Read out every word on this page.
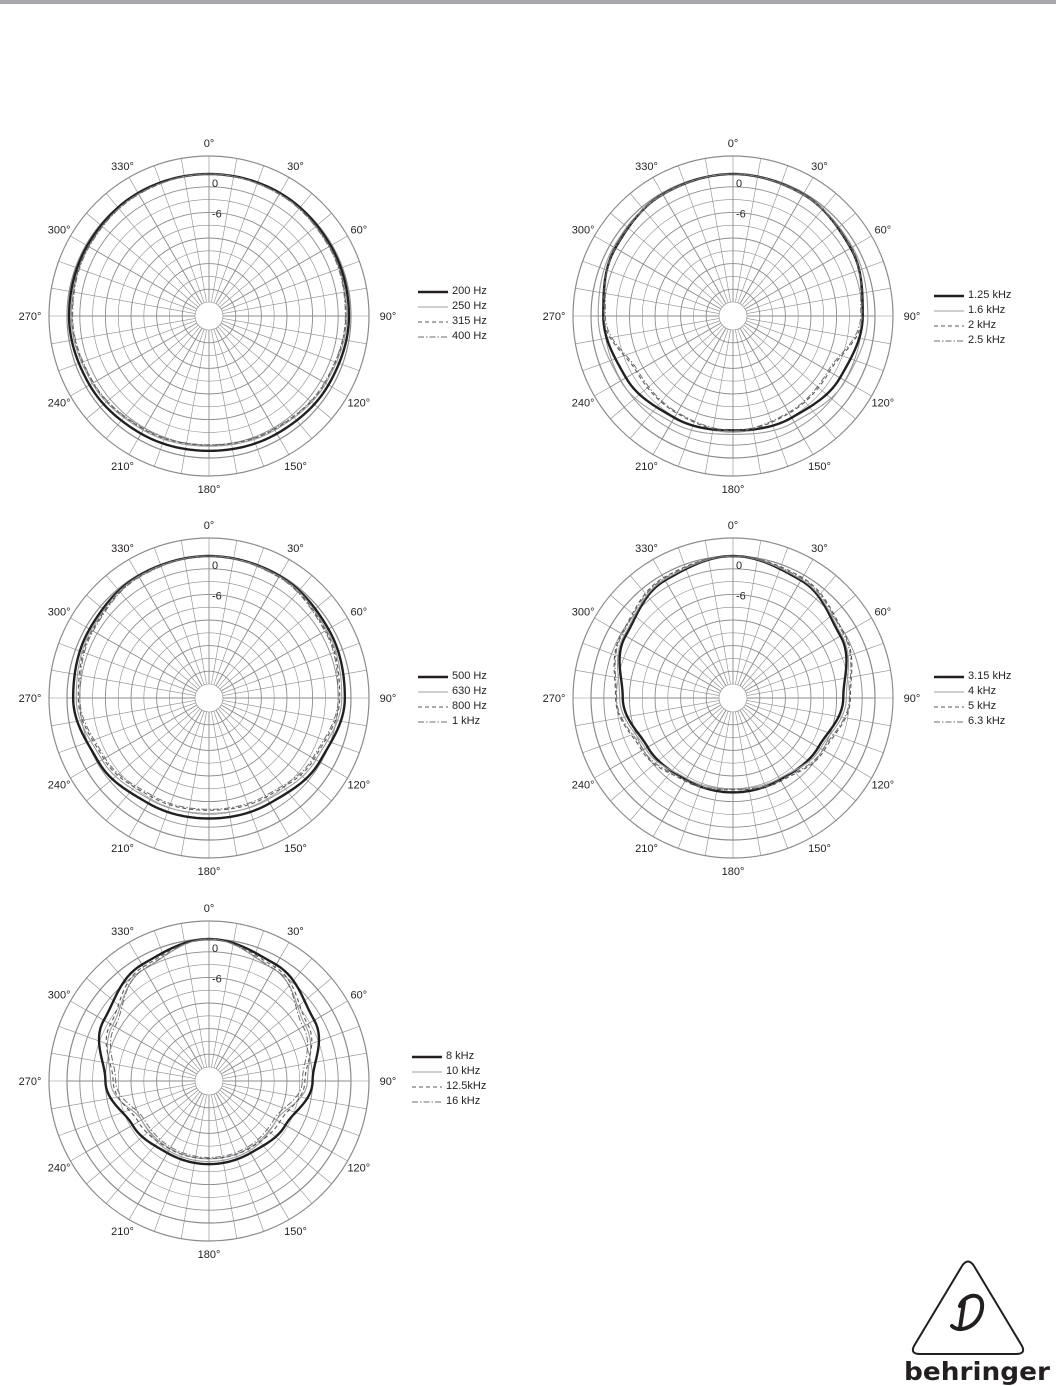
0°
30°
60°
90°
120°
150°
180°
210°
240°
270°
300°
330°
0
-6
200 Hz
250 Hz
315 Hz
400 Hz
0°
30°
60°
90°
120°
150°
180°
210°
240°
270°
300°
330°
0
-6
1.25 kHz
1.6 kHz
2 kHz
2.5 kHz
0°
30°
60°
90°
120°
150°
180°
210°
240°
270°
300°
330°
0
-6
500 Hz
630 Hz
800 Hz
1 kHz
0°
30°
60°
90°
120°
150°
180°
210°
240°
270°
300°
330°
0
-6
3.15 kHz
4 kHz
5 kHz
6.3 kHz
0°
30°
60°
90°
120°
150°
180°
210°
240°
270°
300°
330°
0
-6
8 kHz
10 kHz
12.5kHz
16 kHz
behringer
